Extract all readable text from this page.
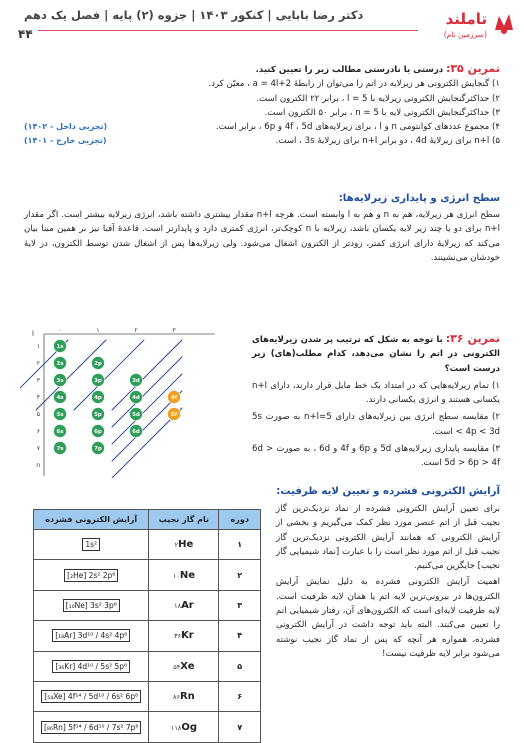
دکتر رضا بابایی | کنکور ۱۴۰۳ | جزوه (۲) پایه | فصل یک دهم
۴۴
تاملند
(سرزمین تام)
تمرین ۳۵: درستی یا نادرستی مطالب زیر را تعیین کنید.
۱) گنجایش الکترونی هر زیرلایه در اتم را می‌توان از رابطهٔ a = 4l+2 ، معیّن کرد.
۲) حداکثرگنجایش الکترونی زیرلایه با l = 5 ، برابر ۲۲ الکترون است.
۳) حداکثرگنجایش الکترونی لایه با n = 5 ، برابر ۵۰ الکترون است.
۴) مجموع عددهای کوانتومی n و l ، برای زیرلایه‌های 4f ، 5d و 6p ، برابر است.
(تجربی داخل - ۱۴۰۲)
۵) n+l برای زیرلایهٔ 4d ، دو برابر n+l برای زیرلایهٔ 3s ، است.
(تجربی خارج - ۱۴۰۱)
سطح انرژی و پایداری زیرلایه‌ها:
سطح انرژی هر زیرلایه، هم به n و هم به l وابسته است. هرچه n+l مقدار بیشتری داشته باشد، انرژی زیرلایه بیشتر است. اگر مقدار n+l برای دو یا چند زیر لایه یکسان باشد، زیرلایه با n کوچک‌تر، انرژی کمتری دارد و پایدارتر است. قاعدهٔ آفبا نیز بر همین مبنا بیان می‌کند که زیرلایهٔ دارای انرژی کمتر، زودتر از الکترون اشغال می‌شود. ولی زیرلایه‌ها پس از اشغال شدن توسط الکترون، در لایهٔ خودشان می‌نشینند.
تمرین ۳۶: با توجه به شکل که ترتیب پر شدن زیرلایه‌های الکترونی در اتم را نشان می‌دهد، کدام مطلب(های) زیر درست است؟
۱) تمام زیرلایه‌هایی که در امتداد یک خط مایل قرار دارند، دارای n+l یکسانی هستند و انرژی یکسانی دارند.
۲) مقایسه سطح انرژی بین زیرلایه‌های دارای n+l=5 به صورت 5s < 4p < 3d است.
۳) مقایسه پایداری زیرلایه‌های 5d و 6p و 4f و 6d ، به صورت 6d > 5d > 6p > 4f است.
۰	۱	۲	۳
l
۱
۲
۳
۴
۵
۶
۷
n
1s
2s	2p
3s	3p	3d
4s	4p	4d	4f
5s	5p	5d	5f
6s	6p	6d
7s	7p
آرایش الکترونی فشرده و تعیین لایه ظرفیت:
برای تعیین آرایش الکترونی فشرده از نماد نزدیک‌ترین گاز نجیب قبل از اتم عنصر مورد نظر کمک می‌گیریم و بخشی از آرایش الکترونی که همانند آرایش الکترونی نزدیک‌ترین گاز نجیب قبل از اتم مورد نظر است را با عبارت [نماد شیمیایی گاز نجیب] جایگزین می‌کنیم.
اهمیت آرایش الکترونی فشرده به دلیل نمایش آرایش الکترون‌ها در بیرونی‌ترین لایه اتم یا همان لایه ظرفیت است. لایه ظرفیت لایه‌ای است که الکترون‌های آن، رفتار شیمیایی اتم را تعیین می‌کنند. البته باید توجه داشت در آرایش الکترونی فشرده، همواره هر آنچه که پس از نماد گاز نجیب نوشته می‌شود برابر لایه ظرفیت نیست!
آرایش الکترونی فشرده	نام گاز نجیب	دوره
1s²	۲He	۱
[₂He] 2s² 2p⁶	۱۰Ne	۲
[₁₀Ne] 3s² 3p⁶	۱۸Ar	۳
[₁₈Ar] 3d¹⁰ / 4s² 4p⁶	۳۶Kr	۴
[₃₆Kr] 4d¹⁰ / 5s² 5p⁶	۵۴Xe	۵
[₅₄Xe] 4f¹⁴ / 5d¹⁰ / 6s² 6p⁶	۸۶Rn	۶
[₈₆Rn] 5f¹⁴ / 6d¹⁰ / 7s² 7p⁶	۱۱۸Og	۷
